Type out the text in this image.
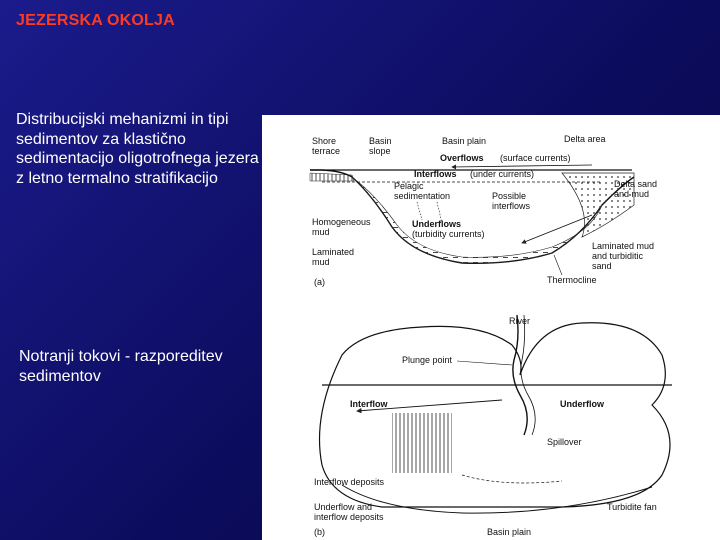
JEZERSKA OKOLJA
Distribucijski mehanizmi in tipi sedimentov za klastično sedimentacijo oligotrofnega jezera z letno termalno stratifikacijo
Notranji tokovi - razporeditev sedimentov
Shore
terrace
Basin
slope
Basin plain	Delta area
Overflows (surface currents)
Interflows (under currents)
Pelagic
sedimentation	Possible
interflows
Delta sand
and mud
Homogeneous
mud
Underflows
(turbidity currents)
Laminated
mud
Laminated mud
and turbiditic
sand
(a)	Thermocline
River
Plunge point
Interflow	Underflow
Spillover
Interflow deposits
Underflow and
interflow deposits
Turbidite fan
(b)	Basin plain
